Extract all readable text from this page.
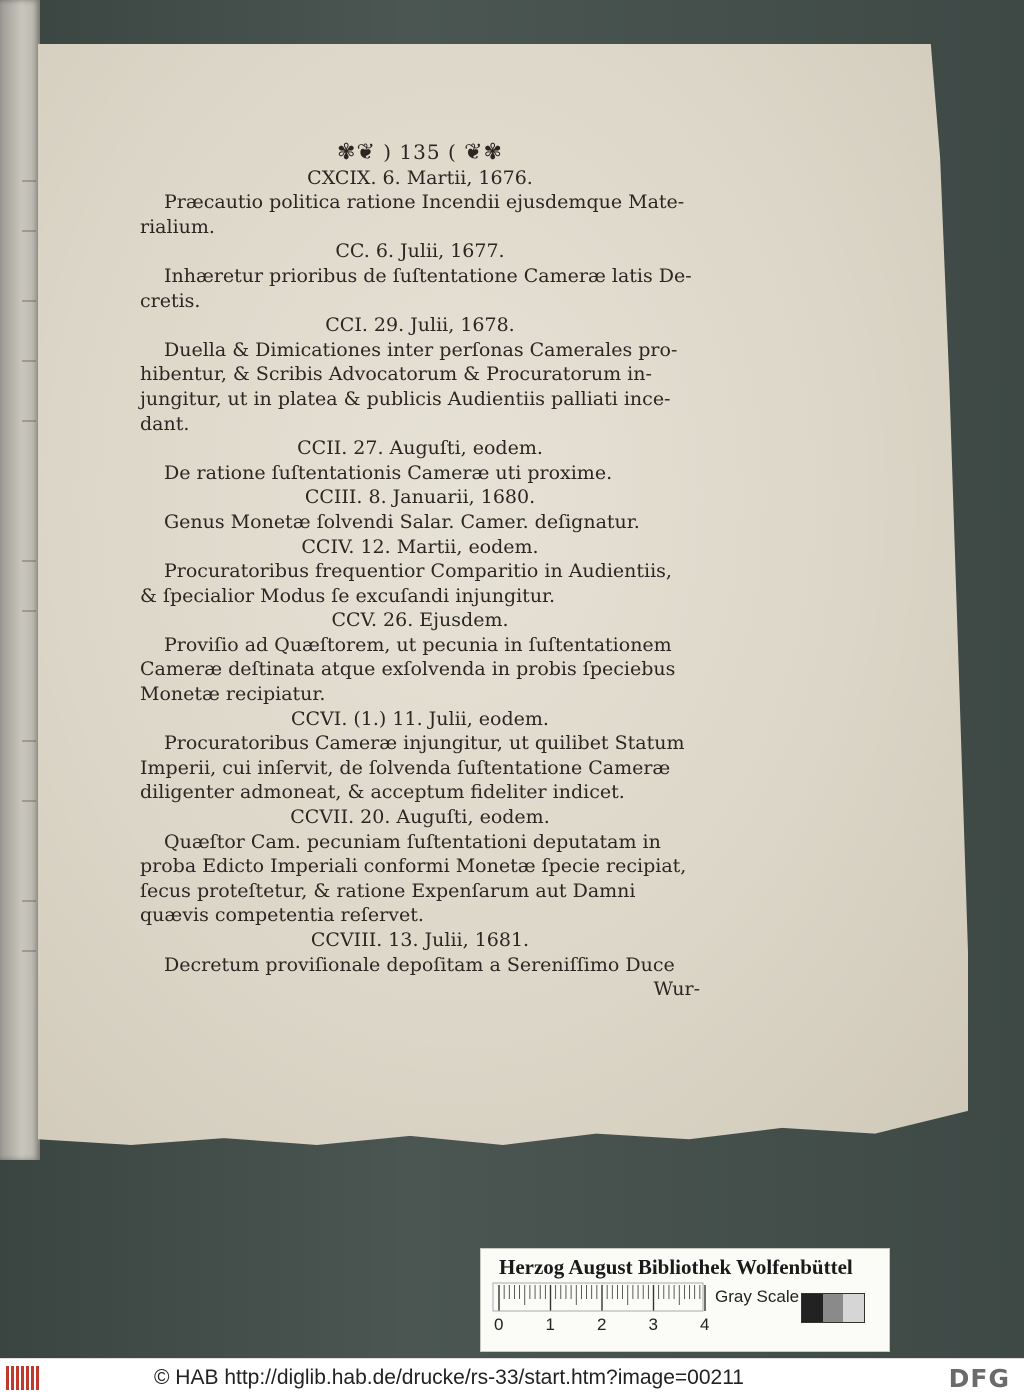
✾❦ ) 135 ( ❦✾
CXCIX. 6. Martii, 1676.
Præcautio politica ratione Incendii ejusdemque Mate-
rialium.
CC. 6. Julii, 1677.
Inhæretur prioribus de ſuſtentatione Cameræ latis De-
cretis.
CCI. 29. Julii, 1678.
Duella & Dimicationes inter perſonas Camerales pro-
hibentur, & Scribis Advocatorum & Procuratorum in-
jungitur, ut in platea & publicis Audientiis palliati ince-
dant.
CCII. 27. Auguſti, eodem.
De ratione ſuſtentationis Cameræ uti proxime.
CCIII. 8. Januarii, 1680.
Genus Monetæ ſolvendi Salar. Camer. deſignatur.
CCIV. 12. Martii, eodem.
Procuratoribus frequentior Comparitio in Audientiis,
& ſpecialior Modus ſe excuſandi injungitur.
CCV. 26. Ejusdem.
Proviſio ad Quæſtorem, ut pecunia in ſuſtentationem
Cameræ deſtinata atque exſolvenda in probis ſpeciebus
Monetæ recipiatur.
CCVI. (1.) 11. Julii, eodem.
Procuratoribus Cameræ injungitur, ut quilibet Statum
Imperii, cui inſervit, de ſolvenda ſuſtentatione Cameræ
diligenter admoneat, & acceptum fideliter indicet.
CCVII. 20. Auguſti, eodem.
Quæſtor Cam. pecuniam ſuſtentationi deputatam in
proba Edicto Imperiali conformi Monetæ ſpecie recipiat,
ſecus proteſtetur, & ratione Expenſarum aut Damni
quævis competentia reſervet.
CCVIII. 13. Julii, 1681.
Decretum proviſionale depoſitam a Sereniſſimo Duce
Wur-
Herzog August Bibliothek Wolfenbüttel
0 1 2 3 4
Gray Scale
© HAB http://diglib.hab.de/drucke/rs-33/start.htm?image=00211	DFG
